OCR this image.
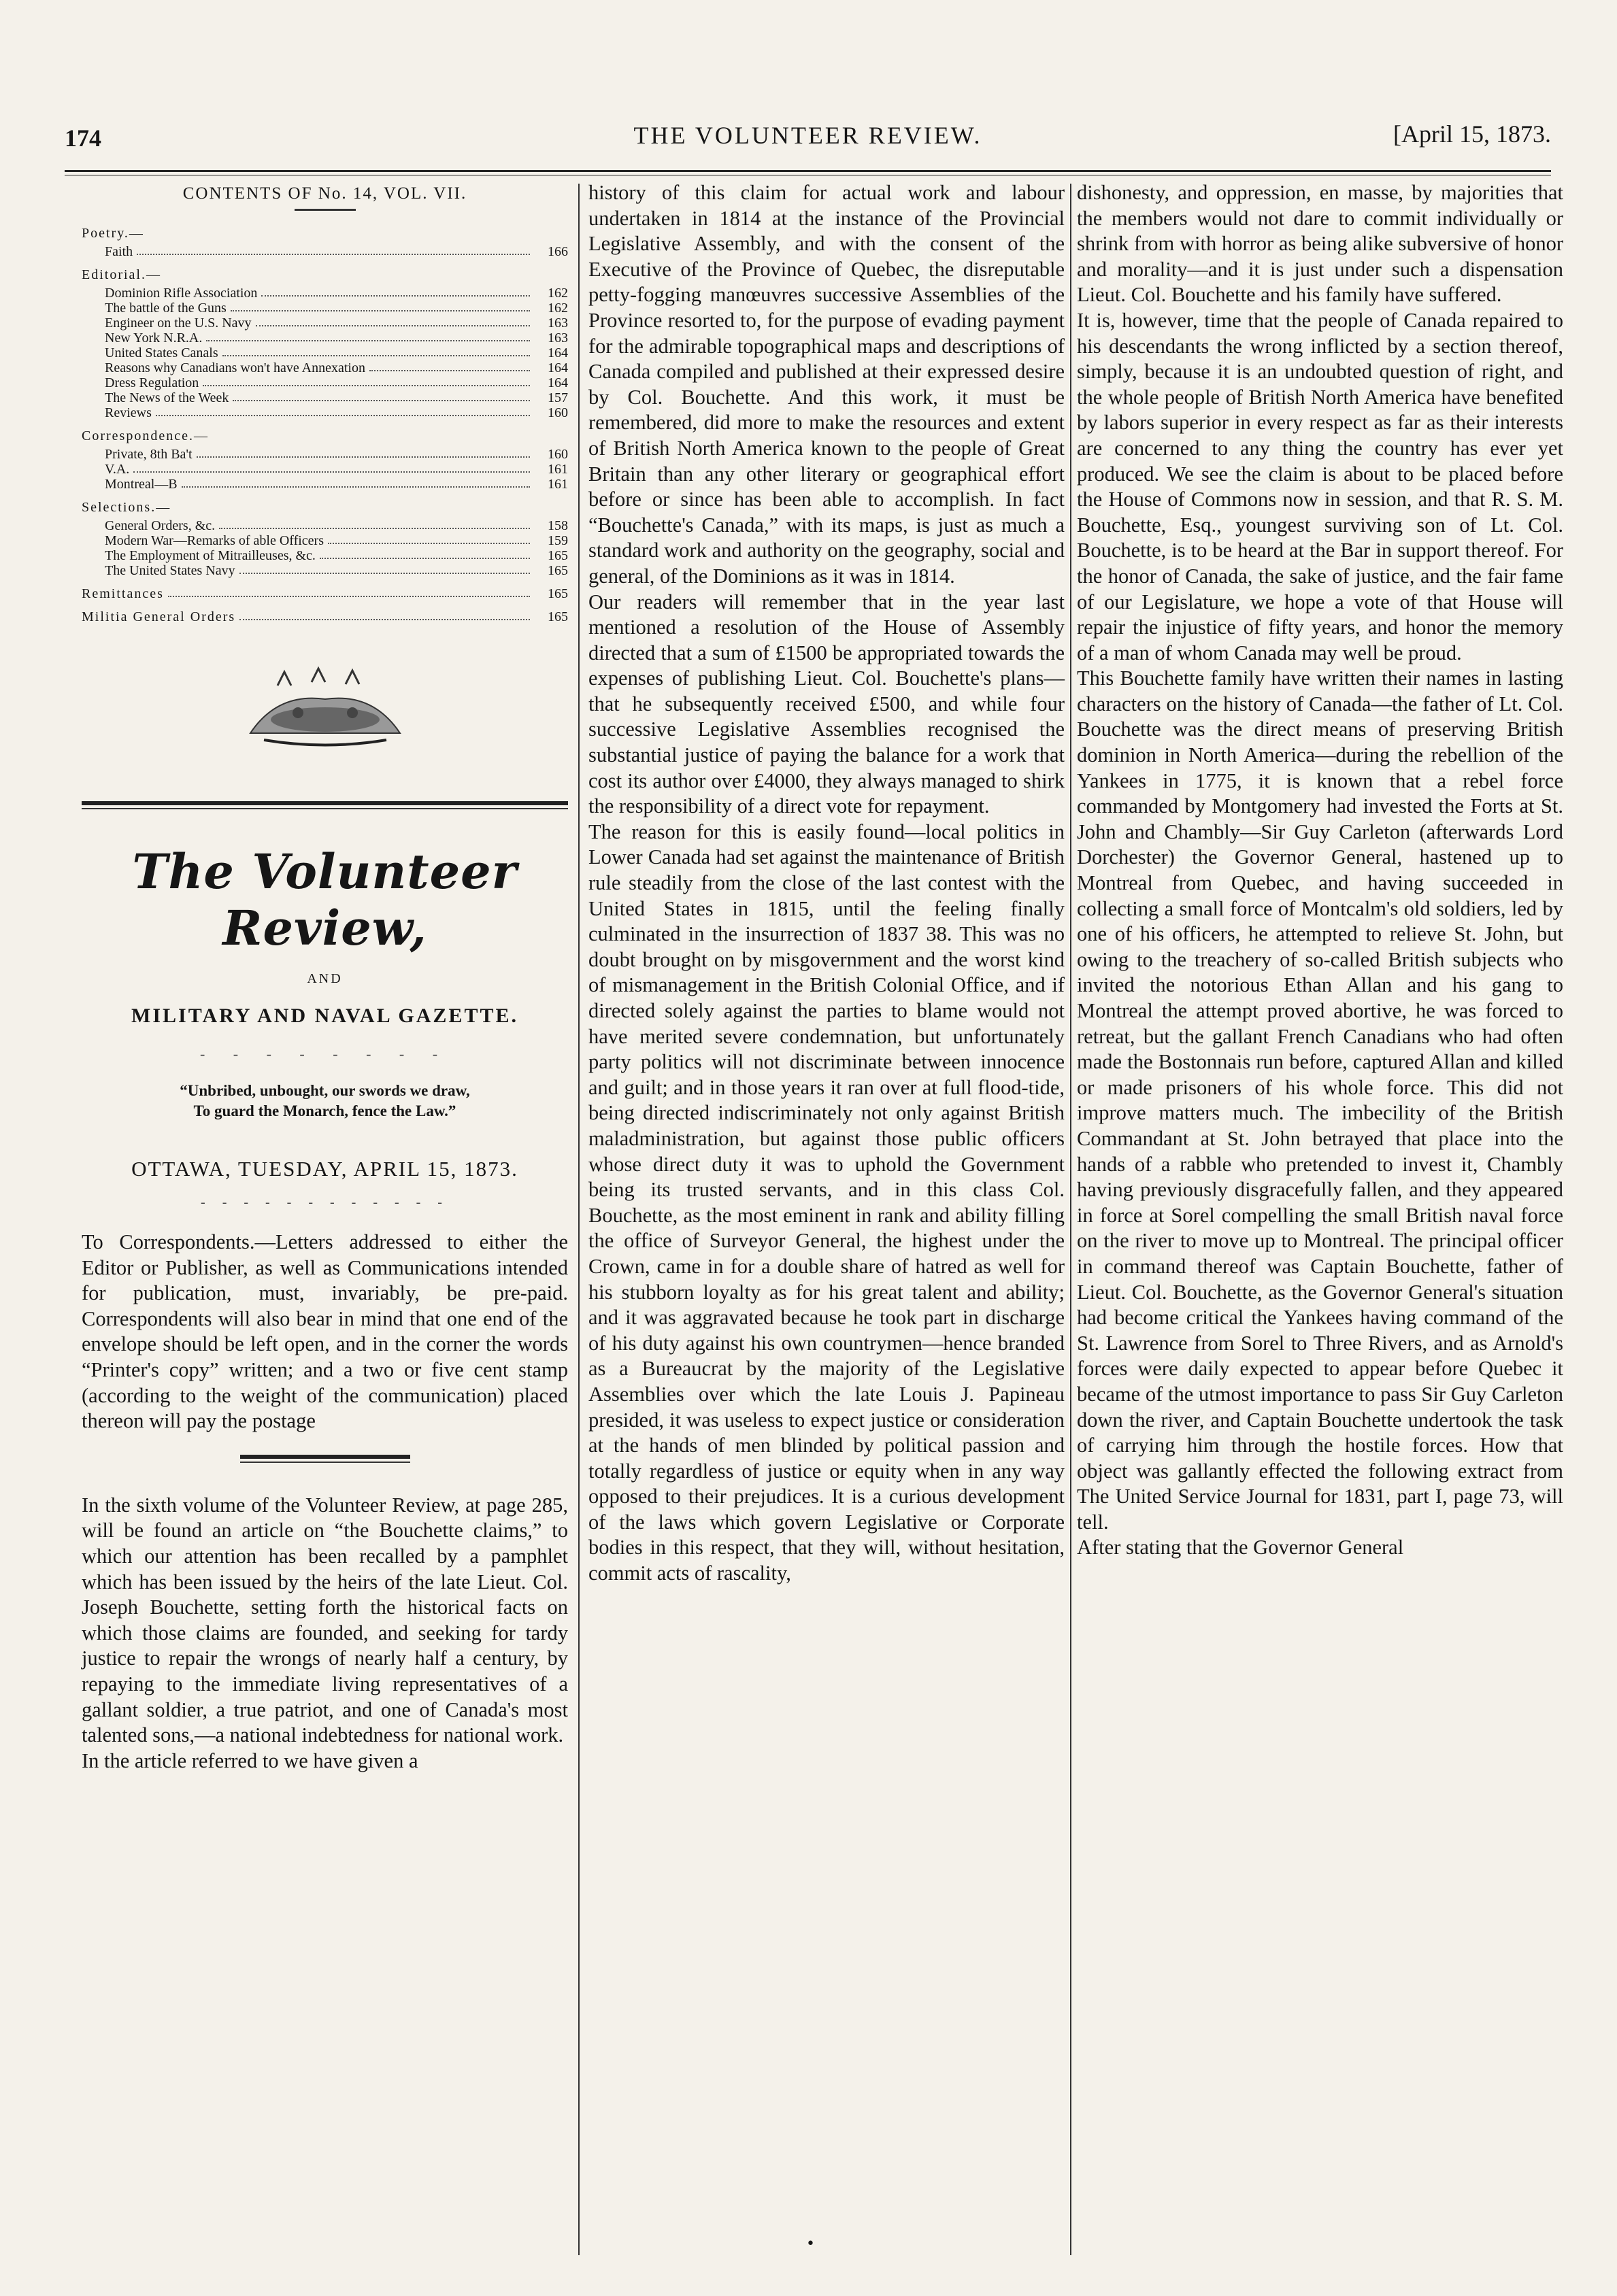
174	THE VOLUNTEER REVIEW.	[April 15, 1873.
CONTENTS OF No. 14, VOL. VII.
Poetry.—
Faith	166
Editorial.—
Dominion Rifle Association	162
The battle of the Guns	162
Engineer on the U.S. Navy	163
New York N.R.A.	163
United States Canals	164
Reasons why Canadians won't have Annexation	164
Dress Regulation	164
The News of the Week	157
Reviews	160
Correspondence.—
Private, 8th Ba't	160
V.A.	161
Montreal—B	161
Selections.—
General Orders, &c.	158
Modern War—Remarks of able Officers	159
The Employment of Mitrailleuses, &c.	165
The United States Navy	165
Remittances	165
Militia General Orders	165
The Volunteer Review,
AND
MILITARY AND NAVAL GAZETTE.
- - - - - - - -
“Unbribed, unbought, our swords we draw,
To guard the Monarch, fence the Law.”
OTTAWA, TUESDAY, APRIL 15, 1873.
- - - - - - - - - - - -

To Correspondents.—Letters addressed to either the Editor or Publisher, as well as Communications intended for publication, must, invariably, be pre-paid. Correspondents will also bear in mind that one end of the envelope should be left open, and in the corner the words “Printer's copy” written; and a two or five cent stamp (according to the weight of the communication) placed thereon will pay the postage

In the sixth volume of the Volunteer Review, at page 285, will be found an article on “the Bouchette claims,” to which our attention has been recalled by a pamphlet which has been issued by the heirs of the late Lieut. Col. Joseph Bouchette, setting forth the historical facts on which those claims are founded, and seeking for tardy justice to repair the wrongs of nearly half a century, by repaying to the immediate living representatives of a gallant soldier, a true patriot, and one of Canada's most talented sons,—a national indebtedness for national work.
In the article referred to we have given a

history of this claim for actual work and labour undertaken in 1814 at the instance of the Provincial Legislative Assembly, and with the consent of the Executive of the Province of Quebec, the disreputable petty-fogging manœuvres successive Assemblies of the Province resorted to, for the purpose of evading payment for the admirable topographical maps and descriptions of Canada compiled and published at their expressed desire by Col. Bouchette. And this work, it must be remembered, did more to make the resources and extent of British North America known to the people of Great Britain than any other literary or geographical effort before or since has been able to accomplish. In fact “Bouchette's Canada,” with its maps, is just as much a standard work and authority on the geography, social and general, of the Dominions as it was in 1814.
Our readers will remember that in the year last mentioned a resolution of the House of Assembly directed that a sum of £1500 be appropriated towards the expenses of publishing Lieut. Col. Bouchette's plans—that he subsequently received £500, and while four successive Legislative Assemblies recognised the substantial justice of paying the balance for a work that cost its author over £4000, they always managed to shirk the responsibility of a direct vote for repayment.
The reason for this is easily found—local politics in Lower Canada had set against the maintenance of British rule steadily from the close of the last contest with the United States in 1815, until the feeling finally culminated in the insurrection of 1837 38. This was no doubt brought on by misgovernment and the worst kind of mismanagement in the British Colonial Office, and if directed solely against the parties to blame would not have merited severe condemnation, but unfortunately party politics will not discriminate between innocence and guilt; and in those years it ran over at full flood-tide, being directed indiscriminately not only against British maladministration, but against those public officers whose direct duty it was to uphold the Government being its trusted servants, and in this class Col. Bouchette, as the most eminent in rank and ability filling the office of Surveyor General, the highest under the Crown, came in for a double share of hatred as well for his stubborn loyalty as for his great talent and ability; and it was aggravated because he took part in discharge of his duty against his own countrymen—hence branded as a Bureaucrat by the majority of the Legislative Assemblies over which the late Louis J. Papineau presided, it was useless to expect justice or consideration at the hands of men blinded by political passion and totally regardless of justice or equity when in any way opposed to their prejudices. It is a curious development of the laws which govern Legislative or Corporate bodies in this respect, that they will, without hesitation, commit acts of rascality,

dishonesty, and oppression, en masse, by majorities that the members would not dare to commit individually or shrink from with horror as being alike subversive of honor and morality—and it is just under such a dispensation Lieut. Col. Bouchette and his family have suffered.
It is, however, time that the people of Canada repaired to his descendants the wrong inflicted by a section thereof, simply, because it is an undoubted question of right, and the whole people of British North America have benefited by labors superior in every respect as far as their interests are concerned to any thing the country has ever yet produced. We see the claim is about to be placed before the House of Commons now in session, and that R. S. M. Bouchette, Esq., youngest surviving son of Lt. Col. Bouchette, is to be heard at the Bar in support thereof. For the honor of Canada, the sake of justice, and the fair fame of our Legislature, we hope a vote of that House will repair the injustice of fifty years, and honor the memory of a man of whom Canada may well be proud.
This Bouchette family have written their names in lasting characters on the history of Canada—the father of Lt. Col. Bouchette was the direct means of preserving British dominion in North America—during the rebellion of the Yankees in 1775, it is known that a rebel force commanded by Montgomery had invested the Forts at St. John and Chambly—Sir Guy Carleton (afterwards Lord Dorchester) the Governor General, hastened up to Montreal from Quebec, and having succeeded in collecting a small force of Montcalm's old soldiers, led by one of his officers, he attempted to relieve St. John, but owing to the treachery of so-called British subjects who invited the notorious Ethan Allan and his gang to Montreal the attempt proved abortive, he was forced to retreat, but the gallant French Canadians who had often made the Bostonnais run before, captured Allan and killed or made prisoners of his whole force. This did not improve matters much. The imbecility of the British Commandant at St. John betrayed that place into the hands of a rabble who pretended to invest it, Chambly having previously disgracefully fallen, and they appeared in force at Sorel compelling the small British naval force on the river to move up to Montreal. The principal officer in command thereof was Captain Bouchette, father of Lieut. Col. Bouchette, as the Governor General's situation had become critical the Yankees having command of the St. Lawrence from Sorel to Three Rivers, and as Arnold's forces were daily expected to appear before Quebec it became of the utmost importance to pass Sir Guy Carleton down the river, and Captain Bouchette undertook the task of carrying him through the hostile forces. How that object was gallantly effected the following extract from The United Service Journal for 1831, part I, page 73, will tell.
After stating that the Governor General

•
